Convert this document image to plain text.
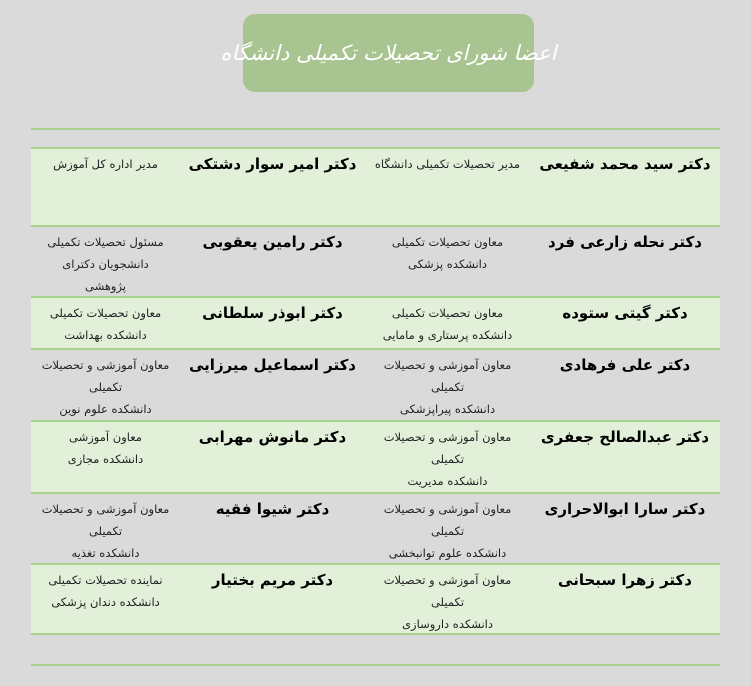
اعضا شورای تحصیلات تکمیلی دانشگاه
دکتر سید محمد شفیعی
مدیر تحصیلات تکمیلی دانشگاه
دکتر امیر سوار دشتکی
مدیر اداره کل آموزش
دکتر نحله زارعی فرد
معاون تحصیلات تکمیلی
دانشکده پزشکی
دکتر رامین یعقوبی
مسئول تحصیلات تکمیلی
دانشجویان دکترای
پژوهشی
دکتر گیتی ستوده
معاون تحصیلات تکمیلی
دانشکده پرستاری و مامایی
دکتر ابوذر سلطانی
معاون تحصیلات تکمیلی
دانشکده بهداشت
دکتر علی فرهادی
معاون آموزشی و تحصیلات
تکمیلی
دانشکده پیراپزشکی
دکتر اسماعیل میرزایی
معاون آموزشی و تحصیلات
تکمیلی
دانشکده علوم نوین
دکتر عبدالصالح جعفری
معاون آموزشی و تحصیلات
تکمیلی
دانشکده مدیریت
دکتر مانوش مهرابی
معاون آموزشی
دانشکده مجازی
دکتر سارا ابوالاحراری
معاون آموزشی و تحصیلات
تکمیلی
دانشکده علوم توانبخشی
دکتر شیوا فقیه
معاون آموزشی و تحصیلات
تکمیلی
دانشکده تغذیه
دکتر زهرا سبحانی
معاون آموزشی و تحصیلات
تکمیلی
دانشکده داروسازی
دکتر مریم بختیار
نماینده تحصیلات تکمیلی
دانشکده دندان پزشکی
